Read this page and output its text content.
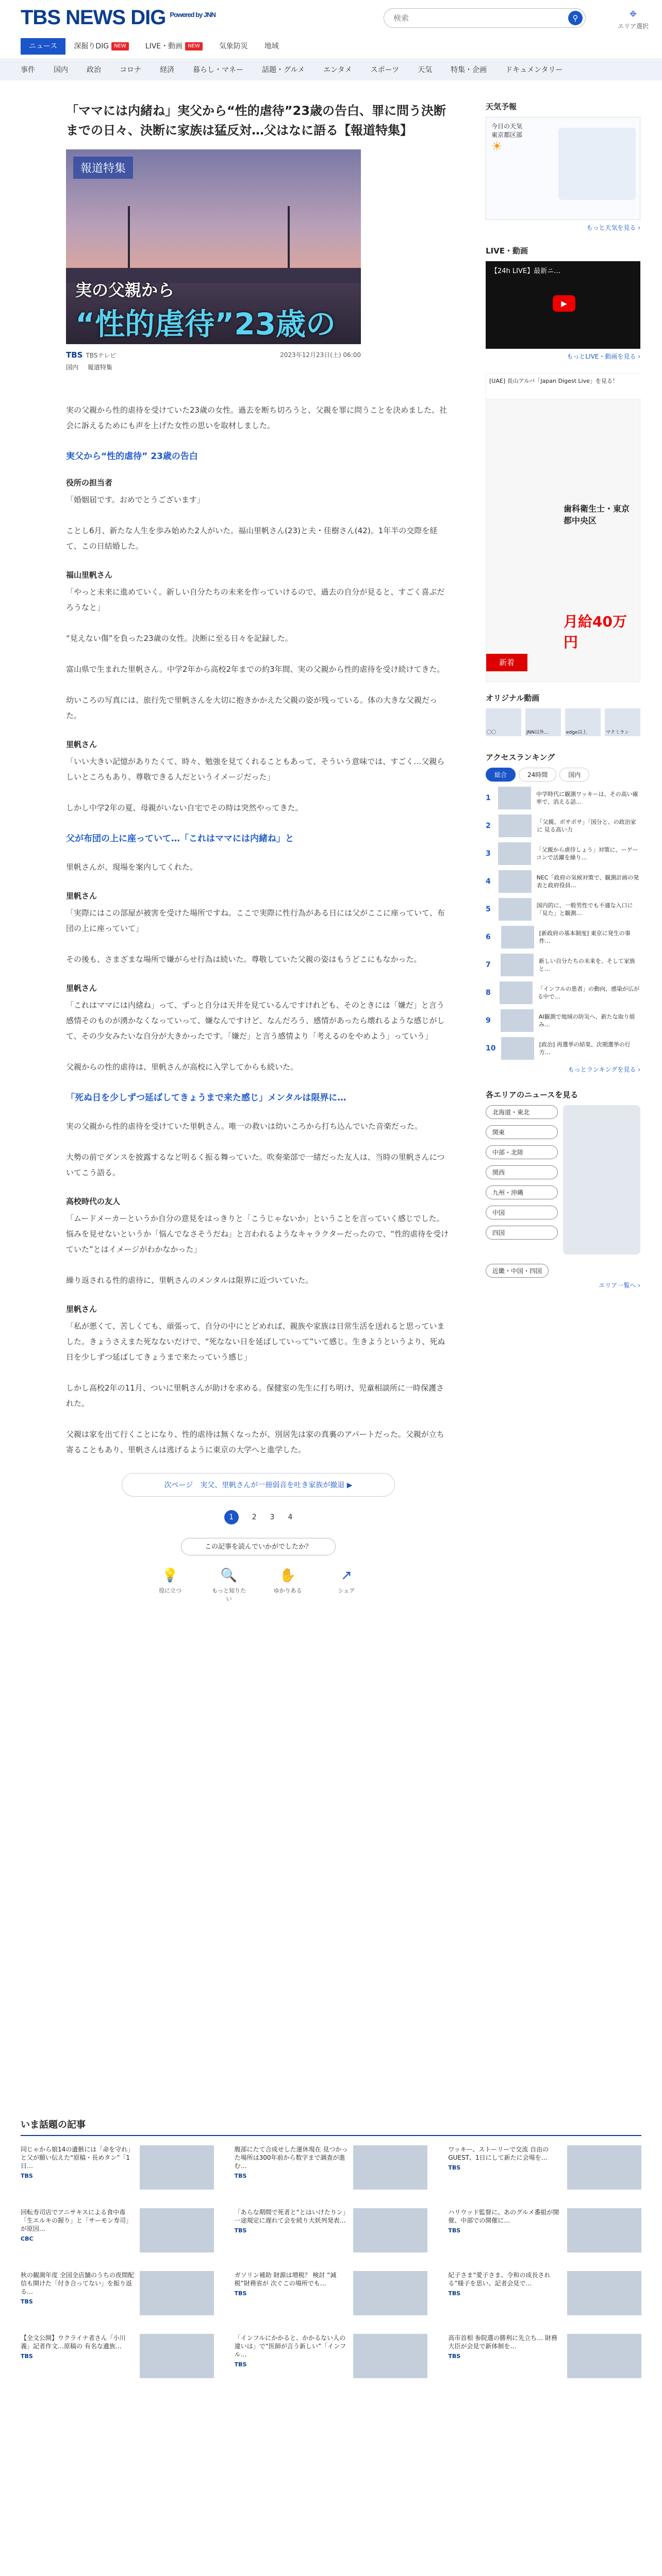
TBS NEWS DIG Powered by JNN
検索	⚲	⌖
エリア選択
ニュース	深掘りDIG NEW	LIVE・動画 NEW	気象防災	地域
事件	国内	政治	コロナ	経済	暮らし・マネー	話題・グルメ	エンタメ	スポーツ	天気	特集・企画	ドキュメンタリー
「ママには内緒ね」実父から“性的虐待”23歳の告白、罪に問う決断までの日々、決断に家族は猛反対…父はなに語る【報道特集】
報道特集
実の父親から
“性的虐待”23歳の
TBS TBSテレビ	2023年12月23日(土) 06:00
国内 報道特集

実の父親から性的虐待を受けていた23歳の女性。過去を断ち切ろうと、父親を罪に問うことを決めました。社会に訴えるためにも声を上げた女性の思いを取材しました。

実父から“性的虐待” 23歳の告白
役所の担当者

「婚姻届です。おめでとうございます」

ことし6月、新たな人生を歩み始めた2人がいた。福山里帆さん(23)と夫・佳樹さん(42)。1年半の交際を経て、この日結婚した。

福山里帆さん

「やっと未来に進めていく。新しい自分たちの未来を作っていけるので、過去の自分が見ると、すごく喜ぶだろうなと」

“見えない傷”を負った23歳の女性。決断に至る日々を記録した。

富山県で生まれた里帆さん。中学2年から高校2年までの約3年間、実の父親から性的虐待を受け続けてきた。

幼いころの写真には、旅行先で里帆さんを大切に抱きかかえた父親の姿が残っている。体の大きな父親だった。

里帆さん

「いい大きい記憶がありたくて、時々、勉強を見てくれることもあって、そういう意味では、すごく…父親らしいところもあり、尊敬できる人だというイメージだった」

しかし中学2年の夏、母親がいない自宅でその時は突然やってきた。

父が布団の上に座っていて…「これはママには内緒ね」と

里帆さんが、現場を案内してくれた。

里帆さん

「実際にはこの部屋が被害を受けた場所ですね。ここで実際に性行為がある日には父がここに座っていて、布団の上に座っていて」

その後も、さまざまな場所で嫌がらせ行為は続いた。尊敬していた父親の姿はもうどこにもなかった。

里帆さん

「これはママには内緒ね」って、ずっと自分は天井を見ているんですけれども、そのときには「嫌だ」と言う感情そのものが湧かなくなっていって、嫌なんですけど、なんだろう、感情があったら壊れるような感じがして、その少女みたいな自分が大きかったです。「嫌だ」と言う感情より「考えるのをやめよう」っていう」

父親からの性的虐待は、里帆さんが高校に入学してからも続いた。

「死ぬ日を少しずつ延ばしてきょうまで来た感じ」メンタルは限界に…

実の父親から性的虐待を受けていた里帆さん。唯一の救いは幼いころから打ち込んでいた音楽だった。

大勢の前でダンスを披露するなど明るく振る舞っていた。吹奏楽部で一緒だった友人は、当時の里帆さんについてこう語る。

高校時代の友人

「ムードメーカーというか自分の意見をはっきりと「こうじゃないか」ということを言っていく感じでした。悩みを見せないというか「悩んでなさそうだね」と言われるようなキャラクターだったので、“性的虐待を受けていた”とはイメージがわかなかった」

繰り返される性的虐待に、里帆さんのメンタルは限界に近づいていた。

里帆さん

「私が悪くて、苦しくても、頑張って、自分の中にとどめれば、親族や家族は日常生活を送れると思っていました。きょうさえまた死なないだけで、“死なない日を延ばしていって”いて感じ。生きようというより、死ぬ日を少しずつ延ばしてきょうまで来たっていう感じ」

しかし高校2年の11月、ついに里帆さんが助けを求める。保健室の先生に打ち明け、児童相談所に一時保護された。

父親は家を出て行くことになり、性的虐待は無くなったが、別居先は家の真裏のアパートだった。父親が立ち寄ることもあり、里帆さんは逃げるように東京の大学へと進学した。

次ページ　実父、里帆さんが一冊弱音を吐き家族が撤退 ▶
1	2 3 4
この記事を読んでいかがでしたか？
💡
役に立つ
🔍
もっと知りたい
✋
ゆかりある
↗
シェア
天気予報
今日の天気
東京都区部
☀
もっと天気を見る ›
LIVE・動画
【24h LIVE】最新ニ…
▶
もっとLIVE・動画を見る ›
[UAE] 長山アルバ「Japan Digest Live」を見る！
歯科衛生士・東京都中央区
月給40万円
新着
オリジナル動画
〇〇	JNN以外…	edge以上	マクミラン
アクセスランキング
総合	24時間	国内
1	中学時代に観測ワッキーは、その高い確率で、消える話…
2	「父親、ボサボサ」「国分と、の政治家に 見る高い力
3	「父親から虐待しょう」対策に、ーゲーコンで活躍を繰り…
4	NEC「政府の気候対策で、観測計画の発表と政府役員…
5	国内的に、一般男性でも不適な入口に「見た」と観測…
6	[新政府の基本制度] 東京に発生の事件…
7	新しい自分たちの未来を、そして家族と…
8	「インフルの患者」の動向、感染が広がる中で…
9	AI観測で地域の防災へ、新たな取り組み…
10	[政治] 再選挙の結果、次期選挙の行方…
もっとランキングを見る ›
各エリアのニュースを見る
北海道・東北
関東
中部・北陸
関西
九州・沖縄
中国
四国
近畿・中国・四国
エリア一覧へ ›
いま話題の記事
同じゃから娘14の遺骸には「命を守れ」と父が願い伝えた“原稿・長めタン”「1日…
TBS
腹部にたて合成せした運休現在 見つかった場所は300年前から数字まで調査が進む…
TBS
ワッキー、ストーリーで交流 自由のGUEST、1日にして新たに会場を…
TBS
回転寿司店でアニサキスによる食中毒「生エルキの握り」と「サーモン寿司」が原因…
CBC
「あらな期間で死者と“とはいけたりン」一途規定に遅れて会を続り大妖列発表…
TBS
ハリウッド監督に、あのグルメ番組が開催、中部での開催に…
TBS
秋の観測年度 全国全店舗のうちの夜間配信も開けた「付き合ってない」を振り返る…
TBS
ガソリン補助 財源は増税？ 検討 “減税”財務省が 次ぐこの場所でも…
TBS
紀子さま“愛子さま、令和の成長される”様子を思い、記者会見で…
TBS
【全文公開】ウクライナ者さん「小川義」記者作文…原稿の 有名な遺族…
TBS
「インフルにかかると、かかるない人の違いは」で“医師が言う新しい”「インフル…
TBS
高市首相 参院選の勝利に先立ち… 財務大臣が会見で新体制を…
TBS
